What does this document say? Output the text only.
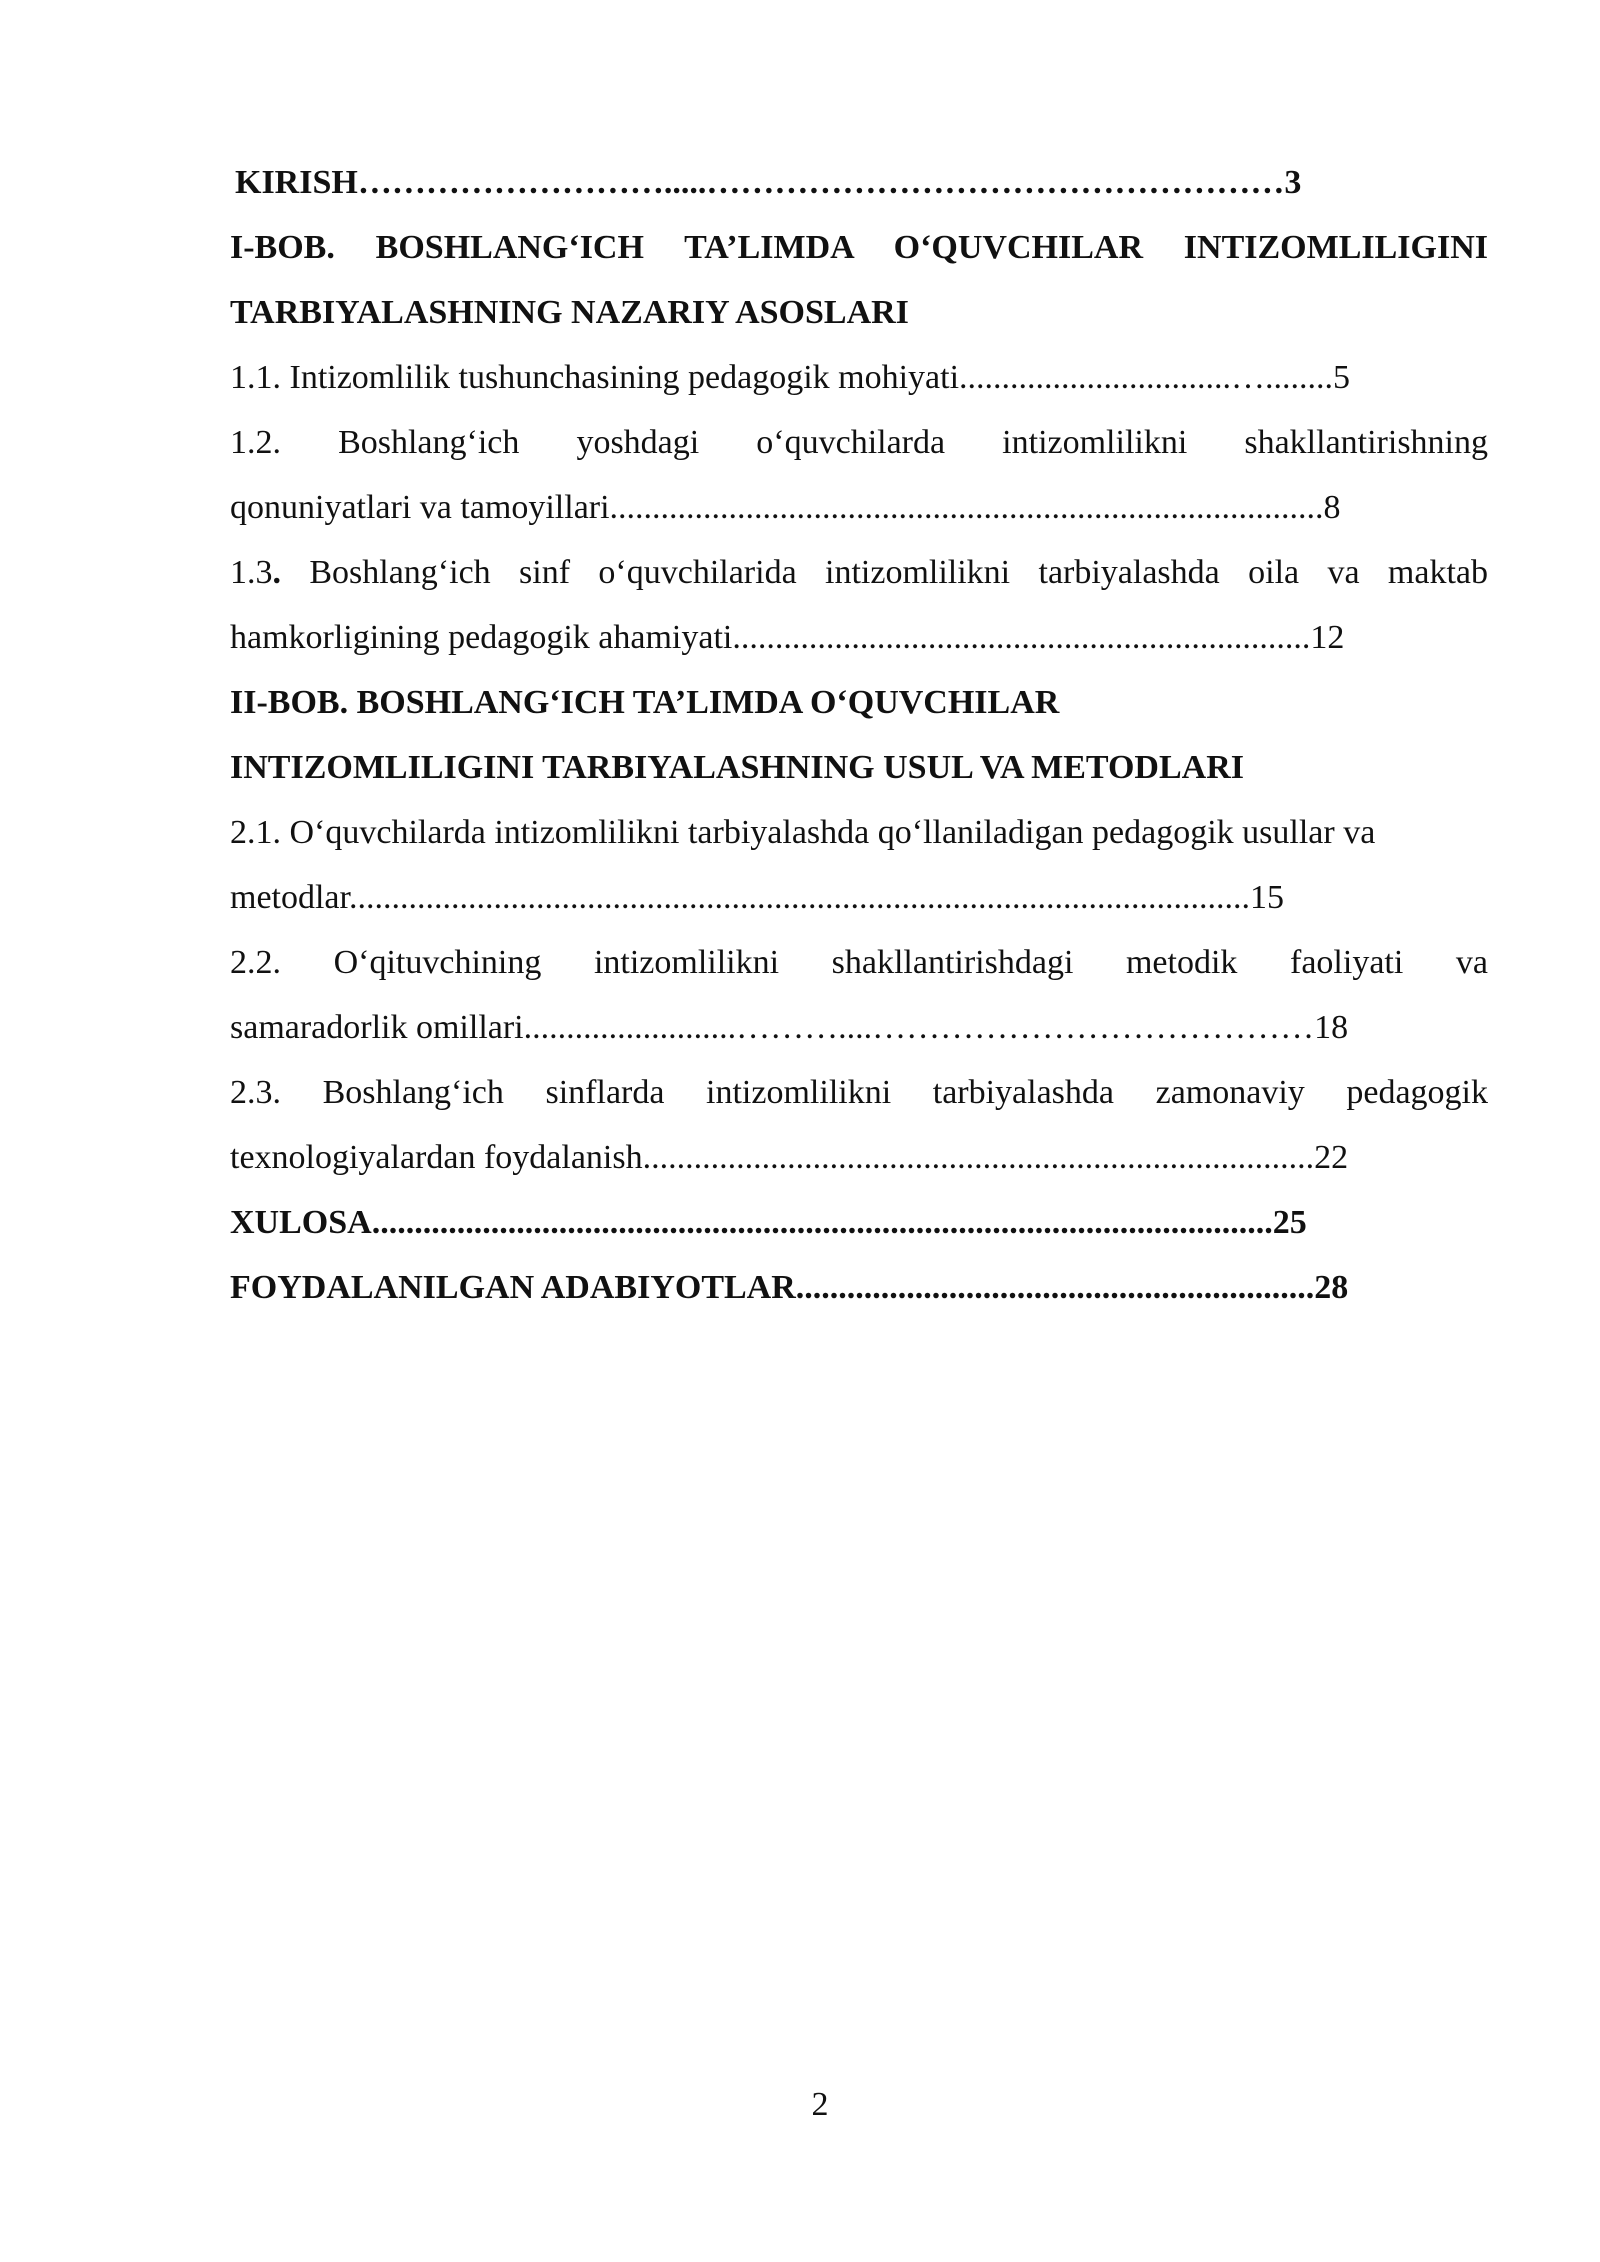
KIRISH……………………….....……………………………………………3
I-BOB. BOSHLANG‘ICH TA’LIMDA O‘QUVCHILAR INTIZOMLILIGINI
TARBIYALASHNING NAZARIY ASOSLARI
1.1. Intizomlilik tushunchasining pedagogik mohiyati................................…........5
1.2. Boshlang‘ich yoshdagi o‘quvchilarda intizomlilikni shakllantirishning
qonuniyatlari va tamoyillari....................................................................................8
1.3. Boshlang‘ich sinf o‘quvchilarida intizomlilikni tarbiyalashda oila va maktab
hamkorligining pedagogik ahamiyati....................................................................12
II-BOB. BOSHLANG‘ICH TA’LIMDA O‘QUVCHILAR
INTIZOMLILIGINI TARBIYALASHNING USUL VA METODLARI
2.1. O‘quvchilarda intizomlilikni tarbiyalashda qo‘llaniladigan pedagogik usullar va
metodlar..........................................................................................................15
2.2. O‘qituvchining intizomlilikni shakllantirishdagi metodik faoliyati va
samaradorlik omillari.........................………....…………………………………18
2.3. Boshlang‘ich sinflarda intizomlilikni tarbiyalashda zamonaviy pedagogik
texnologiyalardan foydalanish...............................................................................22
XULOSA..........................................................................................................25
FOYDALANILGAN ADABIYOTLAR.............................................................28
2
